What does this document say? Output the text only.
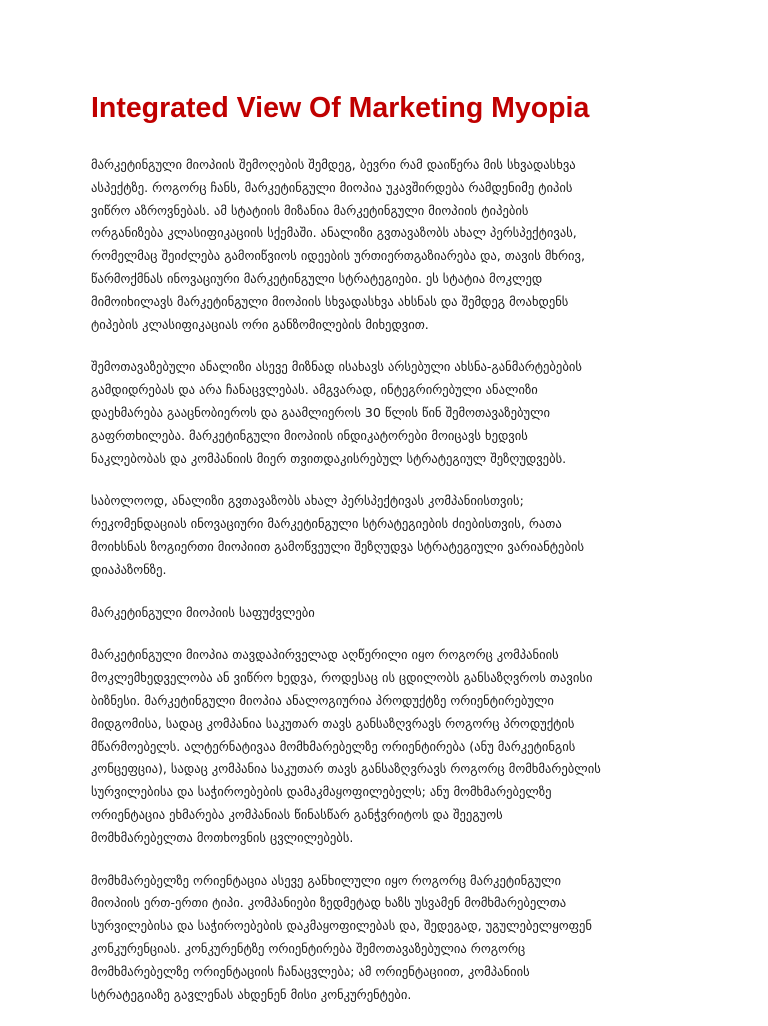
Integrated View Of Marketing Myopia

მარკეტინგული მიოპიის შემოღების შემდეგ, ბევრი რამ დაიწერა მის სხვადასხვა
ასპექტზე. როგორც ჩანს, მარკეტინგული მიოპია უკავშირდება რამდენიმე ტიპის
ვიწრო აზროვნებას. ამ სტატიის მიზანია მარკეტინგული მიოპიის ტიპების
ორგანიზება კლასიფიკაციის სქემაში. ანალიზი გვთავაზობს ახალ პერსპექტივას,
რომელმაც შეიძლება გამოიწვიოს იდეების ურთიერთგაზიარება და, თავის მხრივ,
წარმოქმნას ინოვაციური მარკეტინგული სტრატეგიები. ეს სტატია მოკლედ
მიმოიხილავს მარკეტინგული მიოპიის სხვადასხვა ახსნას და შემდეგ მოახდენს
ტიპების კლასიფიკაციას ორი განზომილების მიხედვით.

შემოთავაზებული ანალიზი ასევე მიზნად ისახავს არსებული ახსნა-განმარტებების
გამდიდრებას და არა ჩანაცვლებას. ამგვარად, ინტეგრირებული ანალიზი
დაეხმარება გააცნობიეროს და გაამლიეროს 30 წლის წინ შემოთავაზებული
გაფრთხილება. მარკეტინგული მიოპიის ინდიკატორები მოიცავს ხედვის
ნაკლებობას და კომპანიის მიერ თვითდაკისრებულ სტრატეგიულ შეზღუდვებს.

საბოლოოდ, ანალიზი გვთავაზობს ახალ პერსპექტივას კომპანიისთვის;
რეკომენდაციას ინოვაციური მარკეტინგული სტრატეგიების ძიებისთვის, რათა
მოიხსნას ზოგიერთი მიოპიით გამოწვეული შეზღუდვა სტრატეგიული ვარიანტების
დიაპაზონზე.

მარკეტინგული მიოპიის საფუძვლები

მარკეტინგული მიოპია თავდაპირველად აღწერილი იყო როგორც კომპანიის
მოკლემხედველობა ან ვიწრო ხედვა, როდესაც ის ცდილობს განსაზღვროს თავისი
ბიზნესი. მარკეტინგული მიოპია ანალოგიურია პროდუქტზე ორიენტირებული
მიდგომისა, სადაც კომპანია საკუთარ თავს განსაზღვრავს როგორც პროდუქტის
მწარმოებელს. ალტერნატივაა მომხმარებელზე ორიენტირება (ანუ მარკეტინგის
კონცეფცია), სადაც კომპანია საკუთარ თავს განსაზღვრავს როგორც მომხმარებლის
სურვილებისა და საჭიროებების დამაკმაყოფილებელს; ანუ მომხმარებელზე
ორიენტაცია ეხმარება კომპანიას წინასწარ განჭვრიტოს და შეეგუოს
მომხმარებელთა მოთხოვნის ცვლილებებს.

მომხმარებელზე ორიენტაცია ასევე განხილული იყო როგორც მარკეტინგული
მიოპიის ერთ-ერთი ტიპი. კომპანიები ზედმეტად ხაზს უსვამენ მომხმარებელთა
სურვილებისა და საჭიროებების დაკმაყოფილებას და, შედეგად, უგულებელყოფენ
კონკურენციას. კონკურენტზე ორიენტირება შემოთავაზებულია როგორც
მომხმარებელზე ორიენტაციის ჩანაცვლება; ამ ორიენტაციით, კომპანიის
სტრატეგიაზე გავლენას ახდენენ მისი კონკურენტები.
